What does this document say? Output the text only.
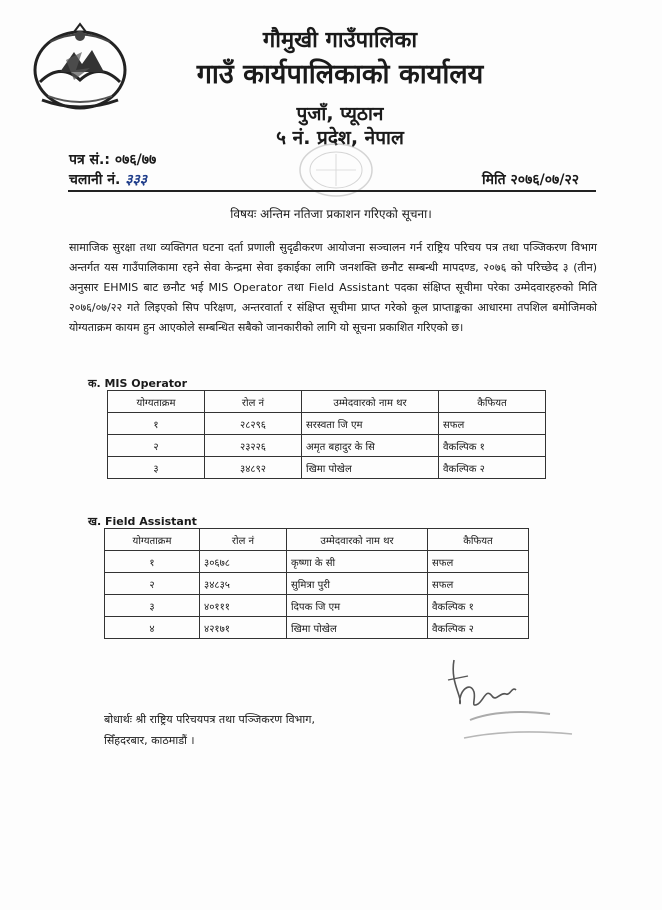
गौमुखी गाउँपालिका
गाउँ कार्यपालिकाको कार्यालय
पुजाँ, प्यूठान
५ नं. प्रदेश, नेपाल
पत्र सं.: ०७६/७७
चलानी नं. ३३३	मिति २०७६/०७/२२
विषयः अन्तिम नतिजा प्रकाशन गरिएको सूचना।
सामाजिक सुरक्षा तथा व्यक्तिगत घटना दर्ता प्रणाली सुदृढीकरण आयोजना सञ्चालन गर्न राष्ट्रिय परिचय पत्र तथा पञ्जिकरण विभाग अन्तर्गत यस गाउँपालिकामा रहने सेवा केन्द्रमा सेवा इकाईका लागि जनशक्ति छनौट सम्बन्धी मापदण्ड, २०७६ को परिच्छेद ३ (तीन) अनुसार EHMIS बाट छनौट भई MIS Operator तथा Field Assistant पदका संक्षिप्त सूचीमा परेका उम्मेदवारहरुको मिति २०७६/०७/२२ गते लिइएको सिप परिक्षण, अन्तरवार्ता र संक्षिप्त सूचीमा प्राप्त गरेको कूल प्राप्ताङ्कका आधारमा तपशिल बमोजिमको योग्यताक्रम कायम हुन आएकोले सम्बन्धित सबैको जानकारीको लागि यो सूचना प्रकाशित गरिएको छ।
क. MIS Operator
योग्यताक्रम	रोल नं	उम्मेदवारको नाम थर	कैफियत
१	२८२९६	सरस्वता जि एम	सफल
२	२३२२६	अमृत बहादुर के सि	वैकल्पिक १
३	३४८९२	खिमा पोखेल	वैकल्पिक २
ख. Field Assistant
योग्यताक्रम	रोल नं	उम्मेदवारको नाम थर	कैफियत
१	३०६७८	कृष्णा के सी	सफल
२	३४८३५	सुमित्रा पुरी	सफल
३	४०१११	दिपक जि एम	वैकल्पिक १
४	४२१७१	खिमा पोखेल	वैकल्पिक २
बोधार्थः श्री राष्ट्रिय परिचयपत्र तथा पञ्जिकरण विभाग,
सिँहदरबार, काठमाडौं ।
